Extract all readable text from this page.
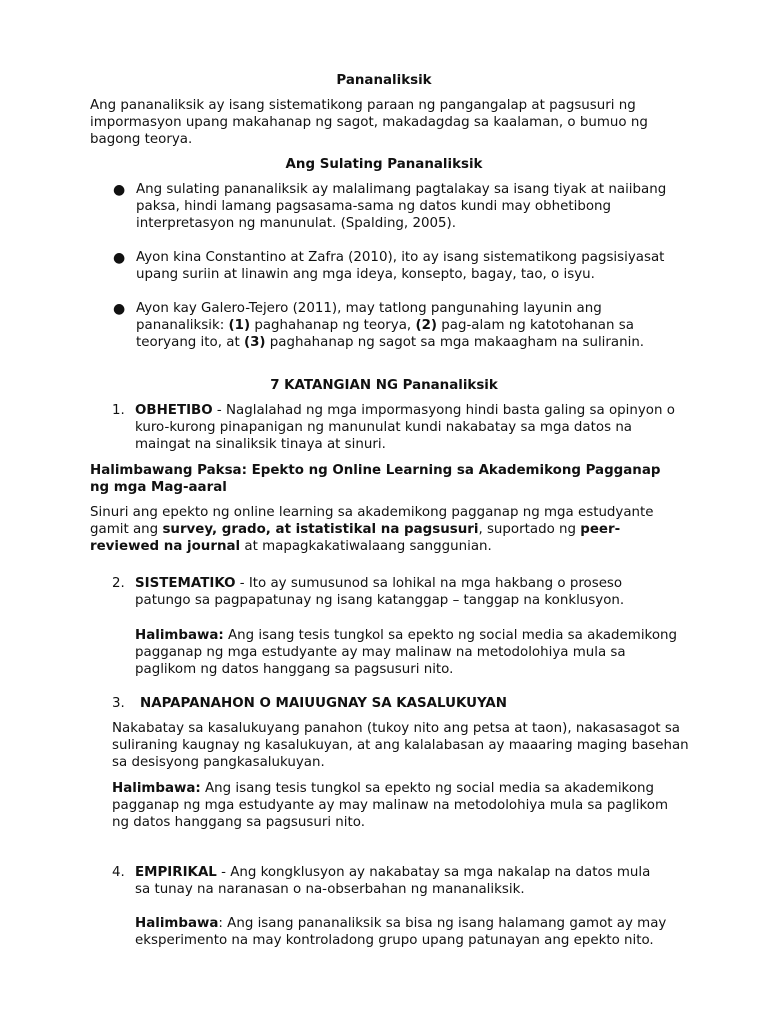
Pananaliksik

Ang pananaliksik ay isang sistematikong paraan ng pangangalap at pagsusuri ng impormasyon upang makahanap ng sagot, makadagdag sa kaalaman, o bumuo ng bagong teorya.

Ang Sulating Pananaliksik

● Ang sulating pananaliksik ay malalimang pagtalakay sa isang tiyak at naiibang paksa, hindi lamang pagsasama-sama ng datos kundi may obhetibong interpretasyon ng manunulat. (Spalding, 2005).

● Ayon kina Constantino at Zafra (2010), ito ay isang sistematikong pagsisiyasat upang suriin at linawin ang mga ideya, konsepto, bagay, tao, o isyu.

● Ayon kay Galero-Tejero (2011), may tatlong pangunahing layunin ang pananaliksik: (1) paghahanap ng teorya, (2) pag-alam ng katotohanan sa teoryang ito, at (3) paghahanap ng sagot sa mga makaagham na suliranin.

7 KATANGIAN NG Pananaliksik

1. OBHETIBO - Naglalahad ng mga impormasyong hindi basta galing sa opinyon o kuro-kurong pinapanigan ng manunulat kundi nakabatay sa mga datos na maingat na sinaliksik tinaya at sinuri.

Halimbawang Paksa: Epekto ng Online Learning sa Akademikong Pagganap ng mga Mag-aaral

Sinuri ang epekto ng online learning sa akademikong pagganap ng mga estudyante gamit ang survey, grado, at istatistikal na pagsusuri, suportado ng peer-reviewed na journal at mapagkakatiwalaang sanggunian.

2. SISTEMATIKO - Ito ay sumusunod sa lohikal na mga hakbang o proseso patungo sa pagpapatunay ng isang katanggap – tanggap na konklusyon.

Halimbawa: Ang isang tesis tungkol sa epekto ng social media sa akademikong pagganap ng mga estudyante ay may malinaw na metodolohiya mula sa paglikom ng datos hanggang sa pagsusuri nito.

3. NAPAPANAHON O MAIUUGNAY SA KASALUKUYAN

Nakabatay sa kasalukuyang panahon (tukoy nito ang petsa at taon), nakasasagot sa suliraning kaugnay ng kasalukuyan, at ang kalalabasan ay maaaring maging basehan sa desisyong pangkasalukuyan.

Halimbawa: Ang isang tesis tungkol sa epekto ng social media sa akademikong pagganap ng mga estudyante ay may malinaw na metodolohiya mula sa paglikom ng datos hanggang sa pagsusuri nito.

4. EMPIRIKAL - Ang kongklusyon ay nakabatay sa mga nakalap na datos mula sa tunay na naranasan o na-obserbahan ng mananaliksik.

Halimbawa: Ang isang pananaliksik sa bisa ng isang halamang gamot ay may eksperimento na may kontroladong grupo upang patunayan ang epekto nito.
